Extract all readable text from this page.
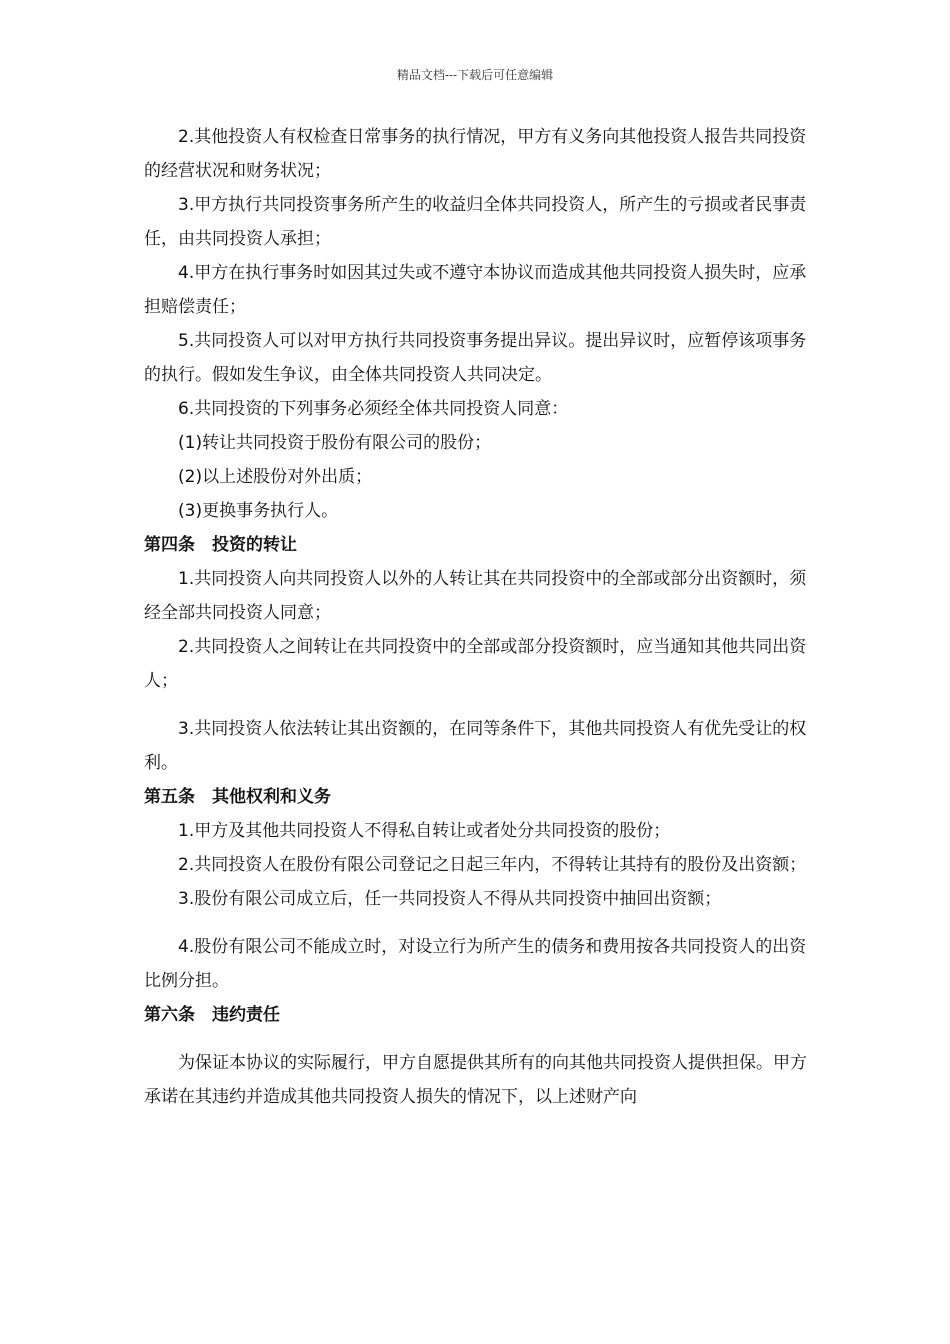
精品文档---下载后可任意编辑

2.其他投资人有权检查日常事务的执行情况，甲方有义务向其他投资人报告共同投资的经营状况和财务状况；

3.甲方执行共同投资事务所产生的收益归全体共同投资人，所产生的亏损或者民事责任，由共同投资人承担；

4.甲方在执行事务时如因其过失或不遵守本协议而造成其他共同投资人损失时，应承担赔偿责任；

5.共同投资人可以对甲方执行共同投资事务提出异议。提出异议时，应暂停该项事务的执行。假如发生争议，由全体共同投资人共同决定。

6.共同投资的下列事务必须经全体共同投资人同意：

(1)转让共同投资于股份有限公司的股份；

(2)以上述股份对外出质；

(3)更换事务执行人。

第四条　投资的转让

1.共同投资人向共同投资人以外的人转让其在共同投资中的全部或部分出资额时，须经全部共同投资人同意；

2.共同投资人之间转让在共同投资中的全部或部分投资额时，应当通知其他共同出资人；

3.共同投资人依法转让其出资额的，在同等条件下，其他共同投资人有优先受让的权利。

第五条　其他权利和义务

1.甲方及其他共同投资人不得私自转让或者处分共同投资的股份；

2.共同投资人在股份有限公司登记之日起三年内，不得转让其持有的股份及出资额；

3.股份有限公司成立后，任一共同投资人不得从共同投资中抽回出资额；

4.股份有限公司不能成立时，对设立行为所产生的债务和费用按各共同投资人的出资比例分担。

第六条　违约责任

为保证本协议的实际履行，甲方自愿提供其所有的向其他共同投资人提供担保。甲方承诺在其违约并造成其他共同投资人损失的情况下，以上述财产向
